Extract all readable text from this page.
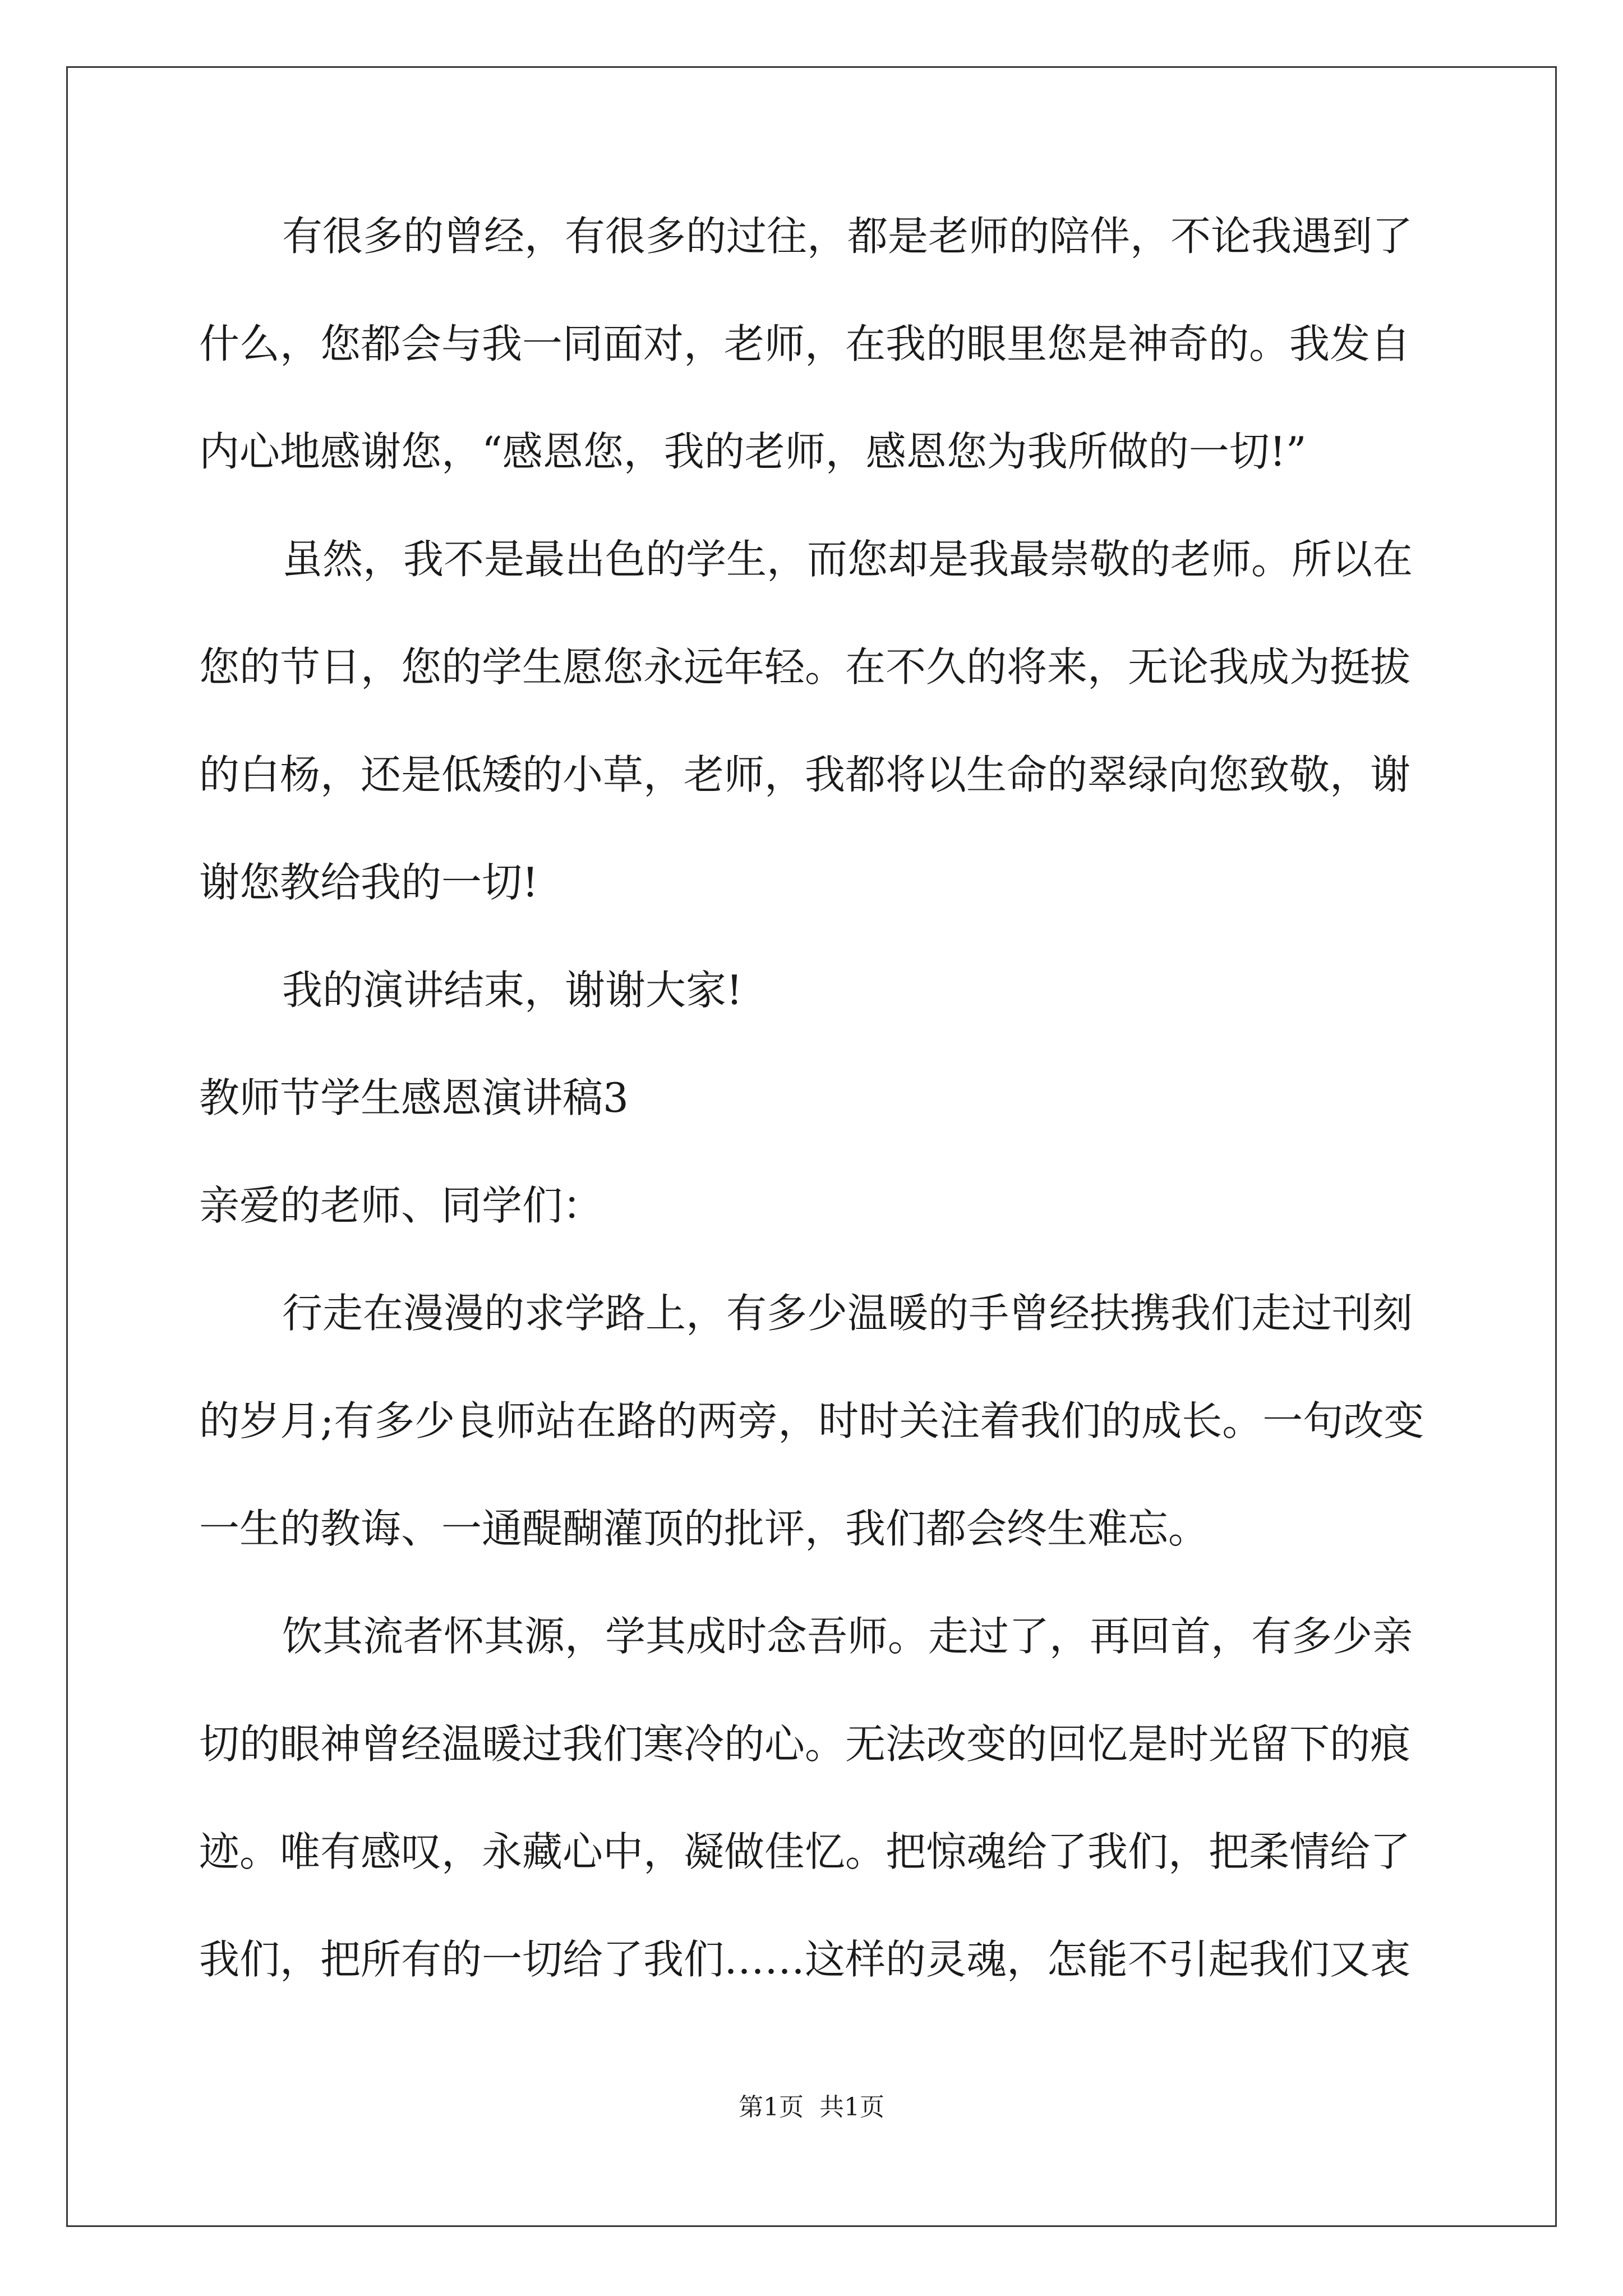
有很多的曾经，有很多的过往，都是老师的陪伴，不论我遇到了
什么，您都会与我一同面对，老师，在我的眼里您是神奇的。我发自
内心地感谢您，“感恩您，我的老师，感恩您为我所做的一切!”
虽然，我不是最出色的学生，而您却是我最崇敬的老师。所以在
您的节日，您的学生愿您永远年轻。在不久的将来，无论我成为挺拔
的白杨，还是低矮的小草，老师，我都将以生命的翠绿向您致敬，谢
谢您教给我的一切!
我的演讲结束，谢谢大家!
教师节学生感恩演讲稿3
亲爱的老师、同学们：
行走在漫漫的求学路上，有多少温暖的手曾经扶携我们走过刊刻
的岁月;有多少良师站在路的两旁，时时关注着我们的成长。一句改变
一生的教诲、一通醍醐灌顶的批评，我们都会终生难忘。
饮其流者怀其源，学其成时念吾师。走过了，再回首，有多少亲
切的眼神曾经温暖过我们寒冷的心。无法改变的回忆是时光留下的痕
迹。唯有感叹，永藏心中，凝做佳忆。把惊魂给了我们，把柔情给了
我们，把所有的一切给了我们……这样的灵魂，怎能不引起我们又衷
第1页 共1页
